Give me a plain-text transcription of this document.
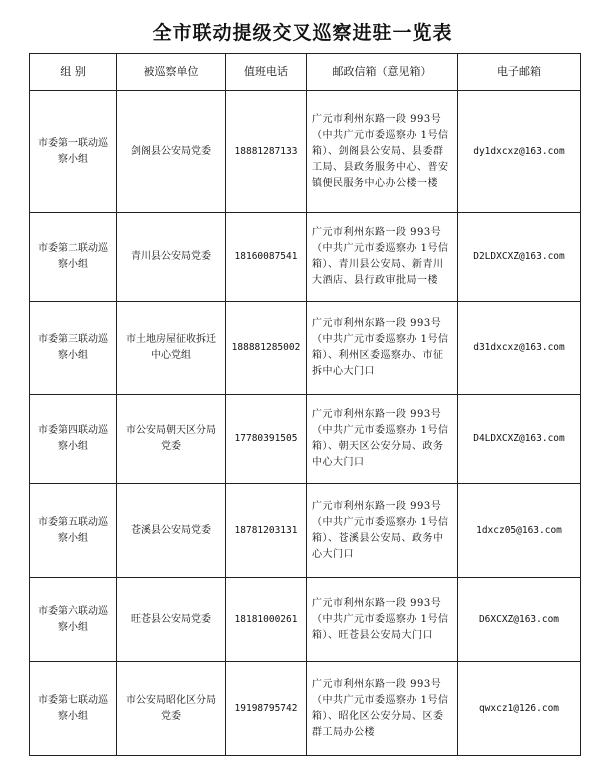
全市联动提级交叉巡察进驻一览表
组 别	被巡察单位	值班电话	邮政信箱（意见箱）	电子邮箱
市委第一联动巡察小组	剑阁县公安局党委	18881287133	广元市利州东路一段 993号（中共广元市委巡察办 1号信箱）、剑阁县公安局、县委群工局、县政务服务中心、普安镇便民服务中心办公楼一楼	dy1dxcxz@163.com
市委第二联动巡察小组	青川县公安局党委	18160087541	广元市利州东路一段 993号（中共广元市委巡察办 1号信箱）、青川县公安局、新青川大酒店、县行政审批局一楼	D2LDXCXZ@163.com
市委第三联动巡察小组	市土地房屋征收拆迁中心党组	188881285002	广元市利州东路一段 993号（中共广元市委巡察办 1号信箱）、利州区委巡察办、市征拆中心大门口	d31dxcxz@163.com
市委第四联动巡察小组	市公安局朝天区分局党委	17780391505	广元市利州东路一段 993号（中共广元市委巡察办 1号信箱）、朝天区公安分局、政务中心大门口	D4LDXCXZ@163.com
市委第五联动巡察小组	苍溪县公安局党委	18781203131	广元市利州东路一段 993号（中共广元市委巡察办 1号信箱）、苍溪县公安局、政务中心大门口	1dxcz05@163.com
市委第六联动巡察小组	旺苍县公安局党委	18181000261	广元市利州东路一段 993号（中共广元市委巡察办 1号信箱）、旺苍县公安局大门口	D6XCXZ@163.com
市委第七联动巡察小组	市公安局昭化区分局党委	19198795742	广元市利州东路一段 993号（中共广元市委巡察办 1号信箱）、昭化区公安分局、区委群工局办公楼	qwxcz1@126.com
